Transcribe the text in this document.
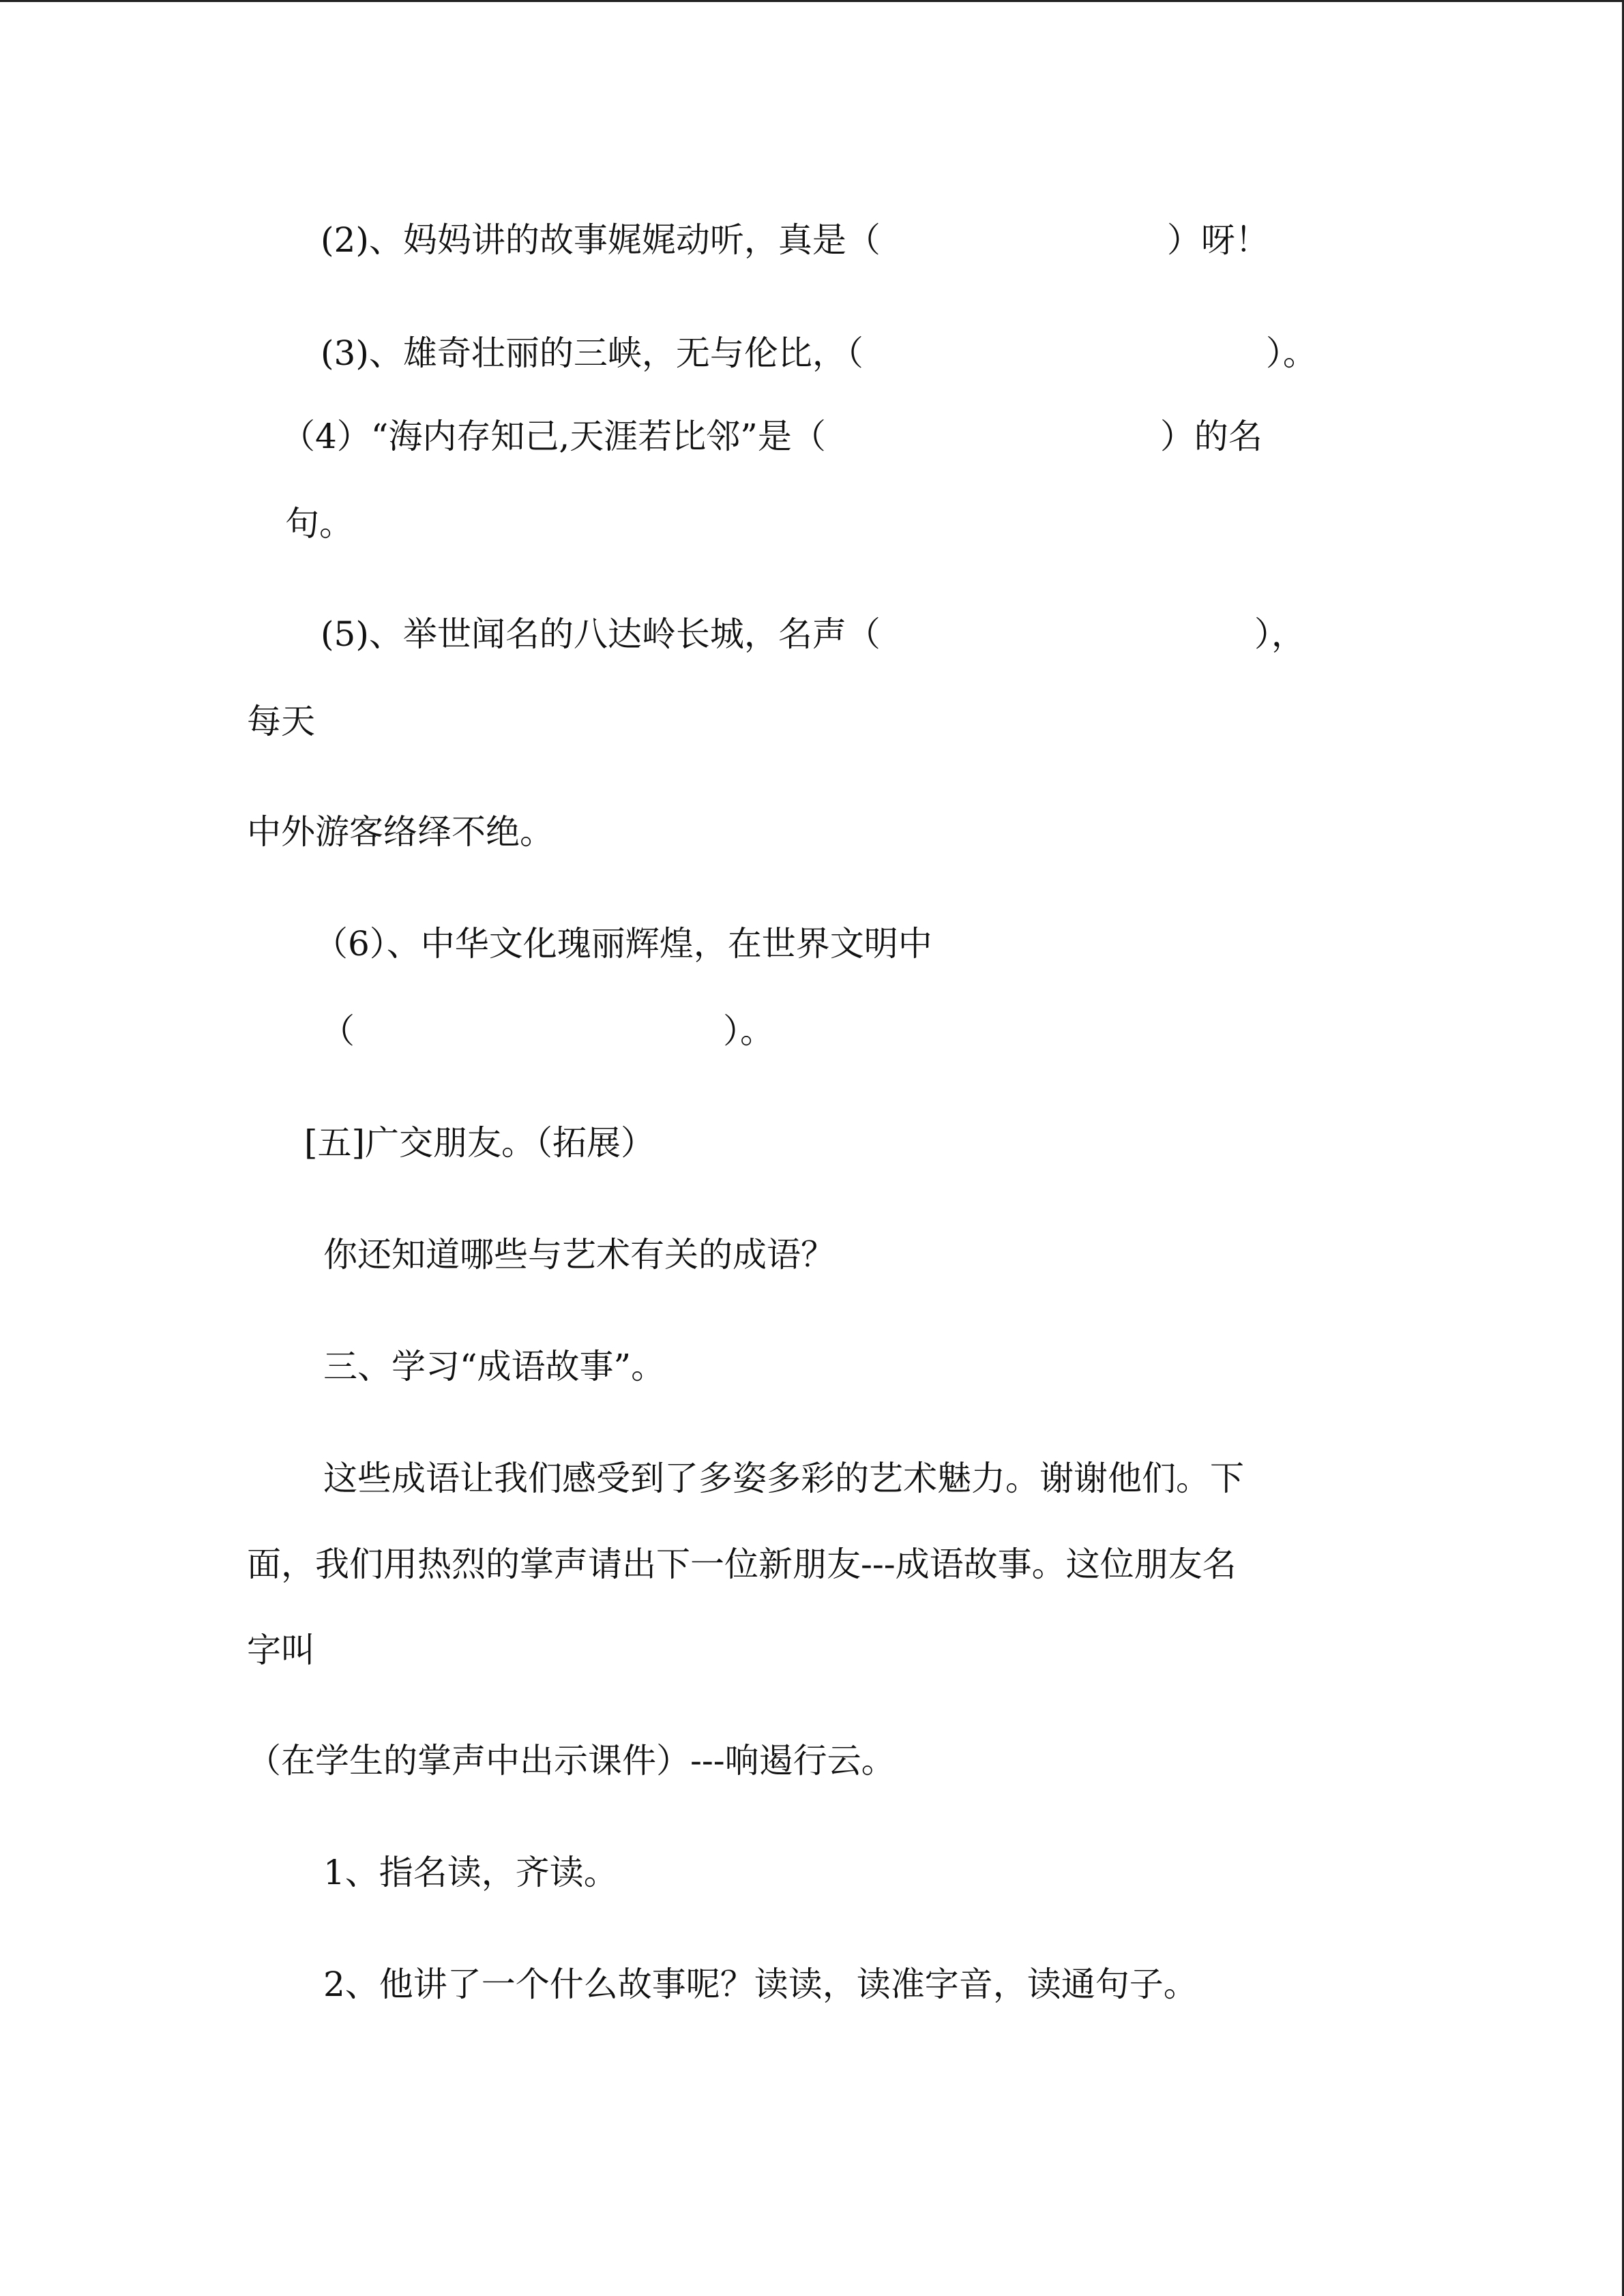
(2)、妈妈讲的故事娓娓动听，真是（	）呀！

(3)、雄奇壮丽的三峡，无与伦比，（	）。

（4）“海内存知己,天涯若比邻”是（	）的名

句。

(5)、举世闻名的八达岭长城，名声（	），

每天

中外游客络绎不绝。

（6）、中华文化瑰丽辉煌，在世界文明中

（	）。

[五]广交朋友。（拓展）

你还知道哪些与艺术有关的成语？

三、学习“成语故事”。

这些成语让我们感受到了多姿多彩的艺术魅力。谢谢他们。下

面，我们用热烈的掌声请出下一位新朋友---成语故事。这位朋友名

字叫

（在学生的掌声中出示课件）---响遏行云。

1、指名读，齐读。

2、他讲了一个什么故事呢？读读，读准字音，读通句子。
